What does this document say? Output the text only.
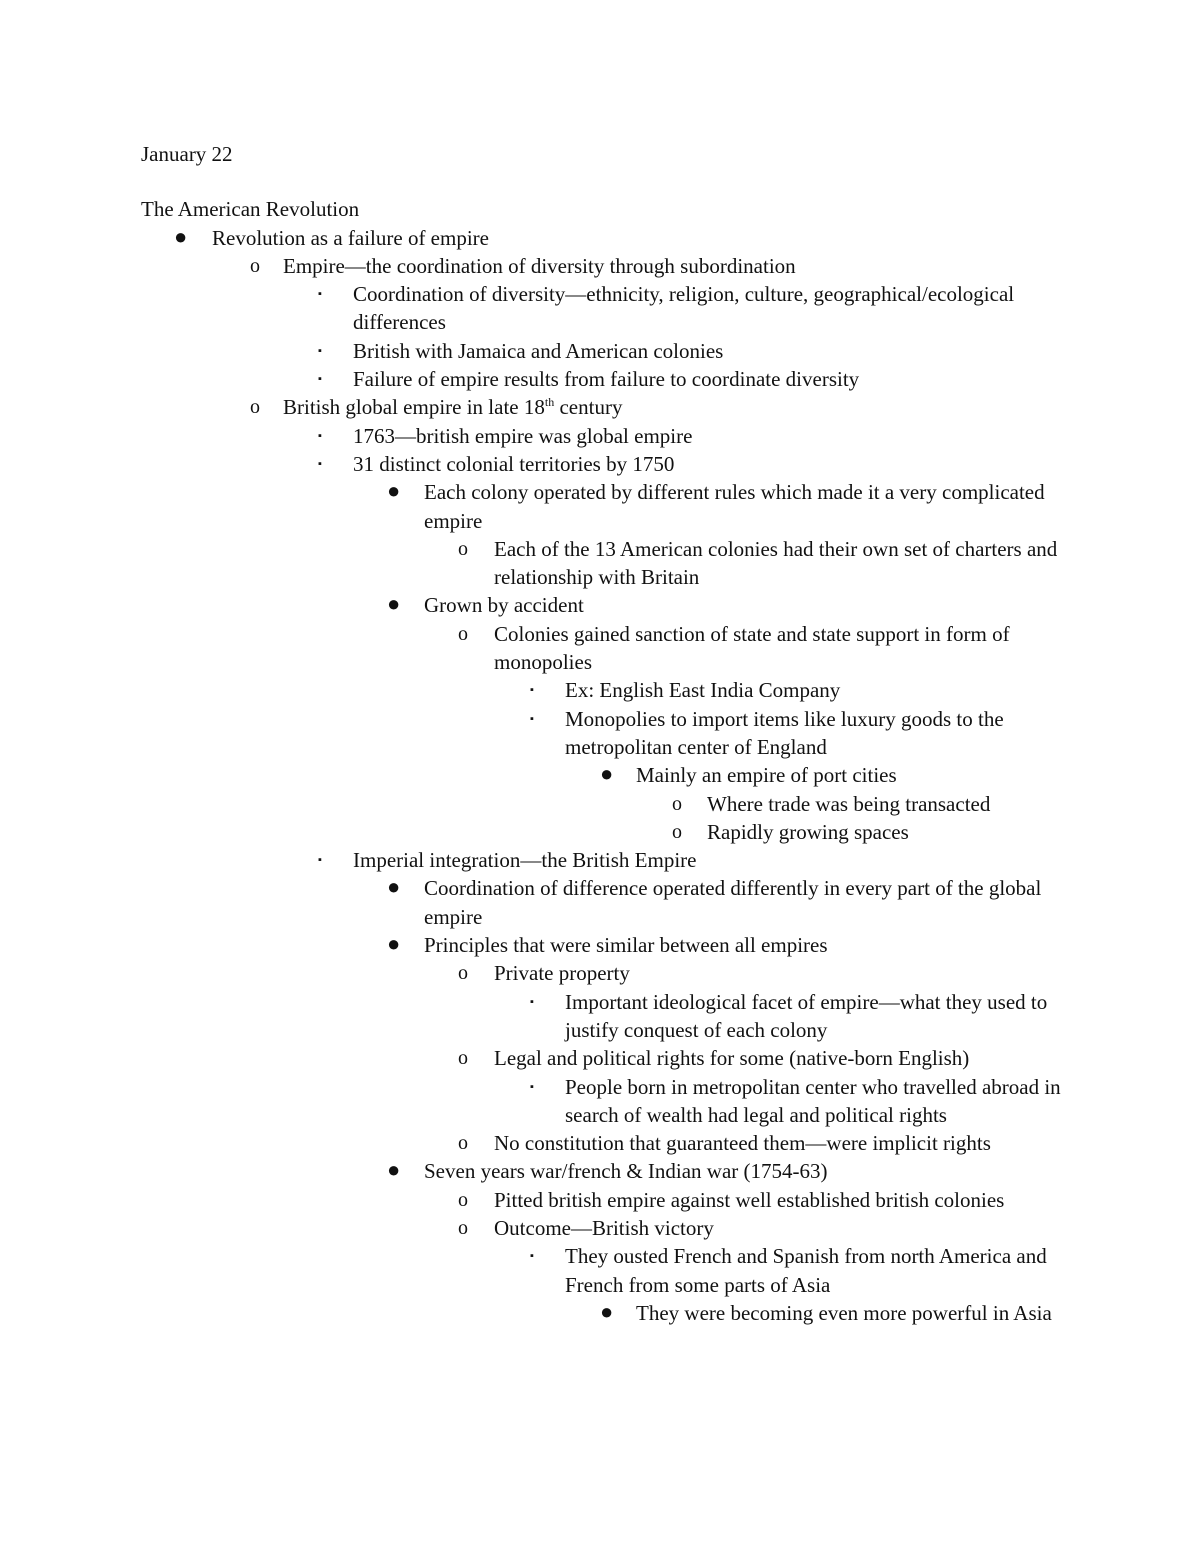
January 22

The American Revolution

●	Revolution as a failure of empire
o	Empire—the coordination of diversity through subordination
▪	Coordination of diversity—ethnicity, religion, culture, geographical/ecological differences
▪	British with Jamaica and American colonies
▪	Failure of empire results from failure to coordinate diversity
o	British global empire in late 18th century
▪	1763—british empire was global empire
▪	31 distinct colonial territories by 1750
●	Each colony operated by different rules which made it a very complicated empire
o	Each of the 13 American colonies had their own set of charters and relationship with Britain
●	Grown by accident
o	Colonies gained sanction of state and state support in form of monopolies
▪	Ex: English East India Company
▪	Monopolies to import items like luxury goods to the metropolitan center of England
●	Mainly an empire of port cities
o	Where trade was being transacted
o	Rapidly growing spaces
▪	Imperial integration—the British Empire
●	Coordination of difference operated differently in every part of the global empire
●	Principles that were similar between all empires
o	Private property
▪	Important ideological facet of empire—what they used to justify conquest of each colony
o	Legal and political rights for some (native-born English)
▪	People born in metropolitan center who travelled abroad in search of wealth had legal and political rights
o	No constitution that guaranteed them—were implicit rights
●	Seven years war/french & Indian war (1754-63)
o	Pitted british empire against well established british colonies
o	Outcome—British victory
▪	They ousted French and Spanish from north America and French from some parts of Asia
●	They were becoming even more powerful in Asia
